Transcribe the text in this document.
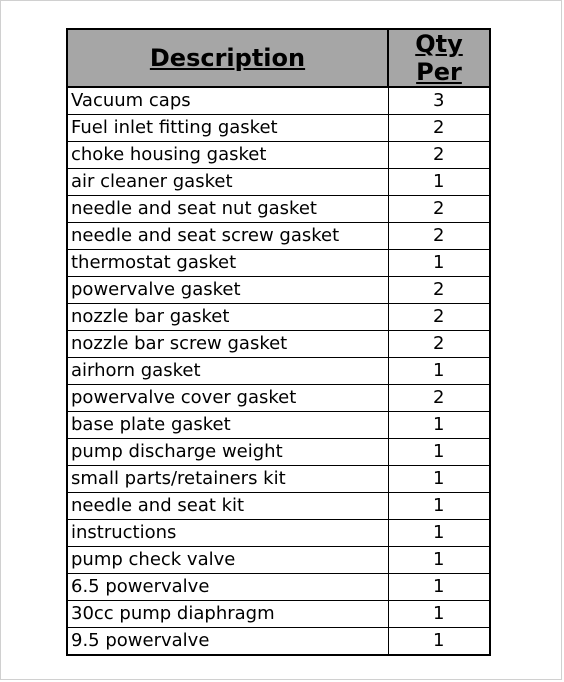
Description	Qty Per
Vacuum caps	3
Fuel inlet fitting gasket	2
choke housing gasket	2
air cleaner gasket	1
needle and seat nut gasket	2
needle and seat screw gasket	2
thermostat gasket	1
powervalve gasket	2
nozzle bar gasket	2
nozzle bar screw gasket	2
airhorn gasket	1
powervalve cover gasket	2
base plate gasket	1
pump discharge weight	1
small parts/retainers kit	1
needle and seat kit	1
instructions	1
pump check valve	1
6.5 powervalve	1
30cc pump diaphragm	1
9.5 powervalve	1
